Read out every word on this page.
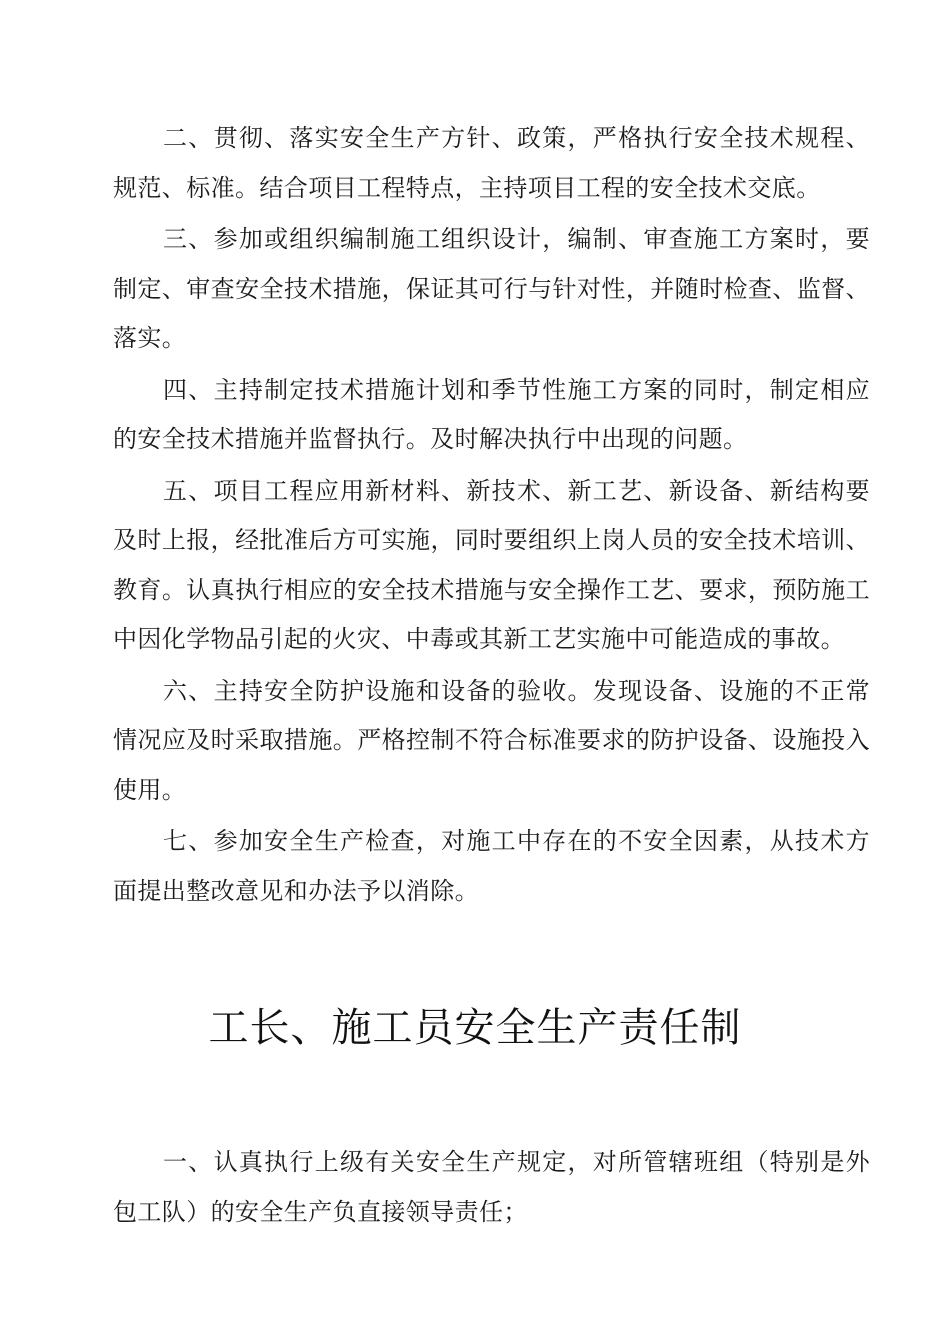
二、贯彻、落实安全生产方针、政策，严格执行安全技术规程、规范、标准。结合项目工程特点，主持项目工程的安全技术交底。

三、参加或组织编制施工组织设计，编制、审查施工方案时，要制定、审查安全技术措施，保证其可行与针对性，并随时检查、监督、落实。

四、主持制定技术措施计划和季节性施工方案的同时，制定相应的安全技术措施并监督执行。及时解决执行中出现的问题。

五、项目工程应用新材料、新技术、新工艺、新设备、新结构要及时上报，经批准后方可实施，同时要组织上岗人员的安全技术培训、教育。认真执行相应的安全技术措施与安全操作工艺、要求，预防施工中因化学物品引起的火灾、中毒或其新工艺实施中可能造成的事故。

六、主持安全防护设施和设备的验收。发现设备、设施的不正常情况应及时采取措施。严格控制不符合标准要求的防护设备、设施投入使用。

七、参加安全生产检查，对施工中存在的不安全因素，从技术方面提出整改意见和办法予以消除。

工长、施工员安全生产责任制

一、认真执行上级有关安全生产规定，对所管辖班组（特别是外包工队）的安全生产负直接领导责任；
